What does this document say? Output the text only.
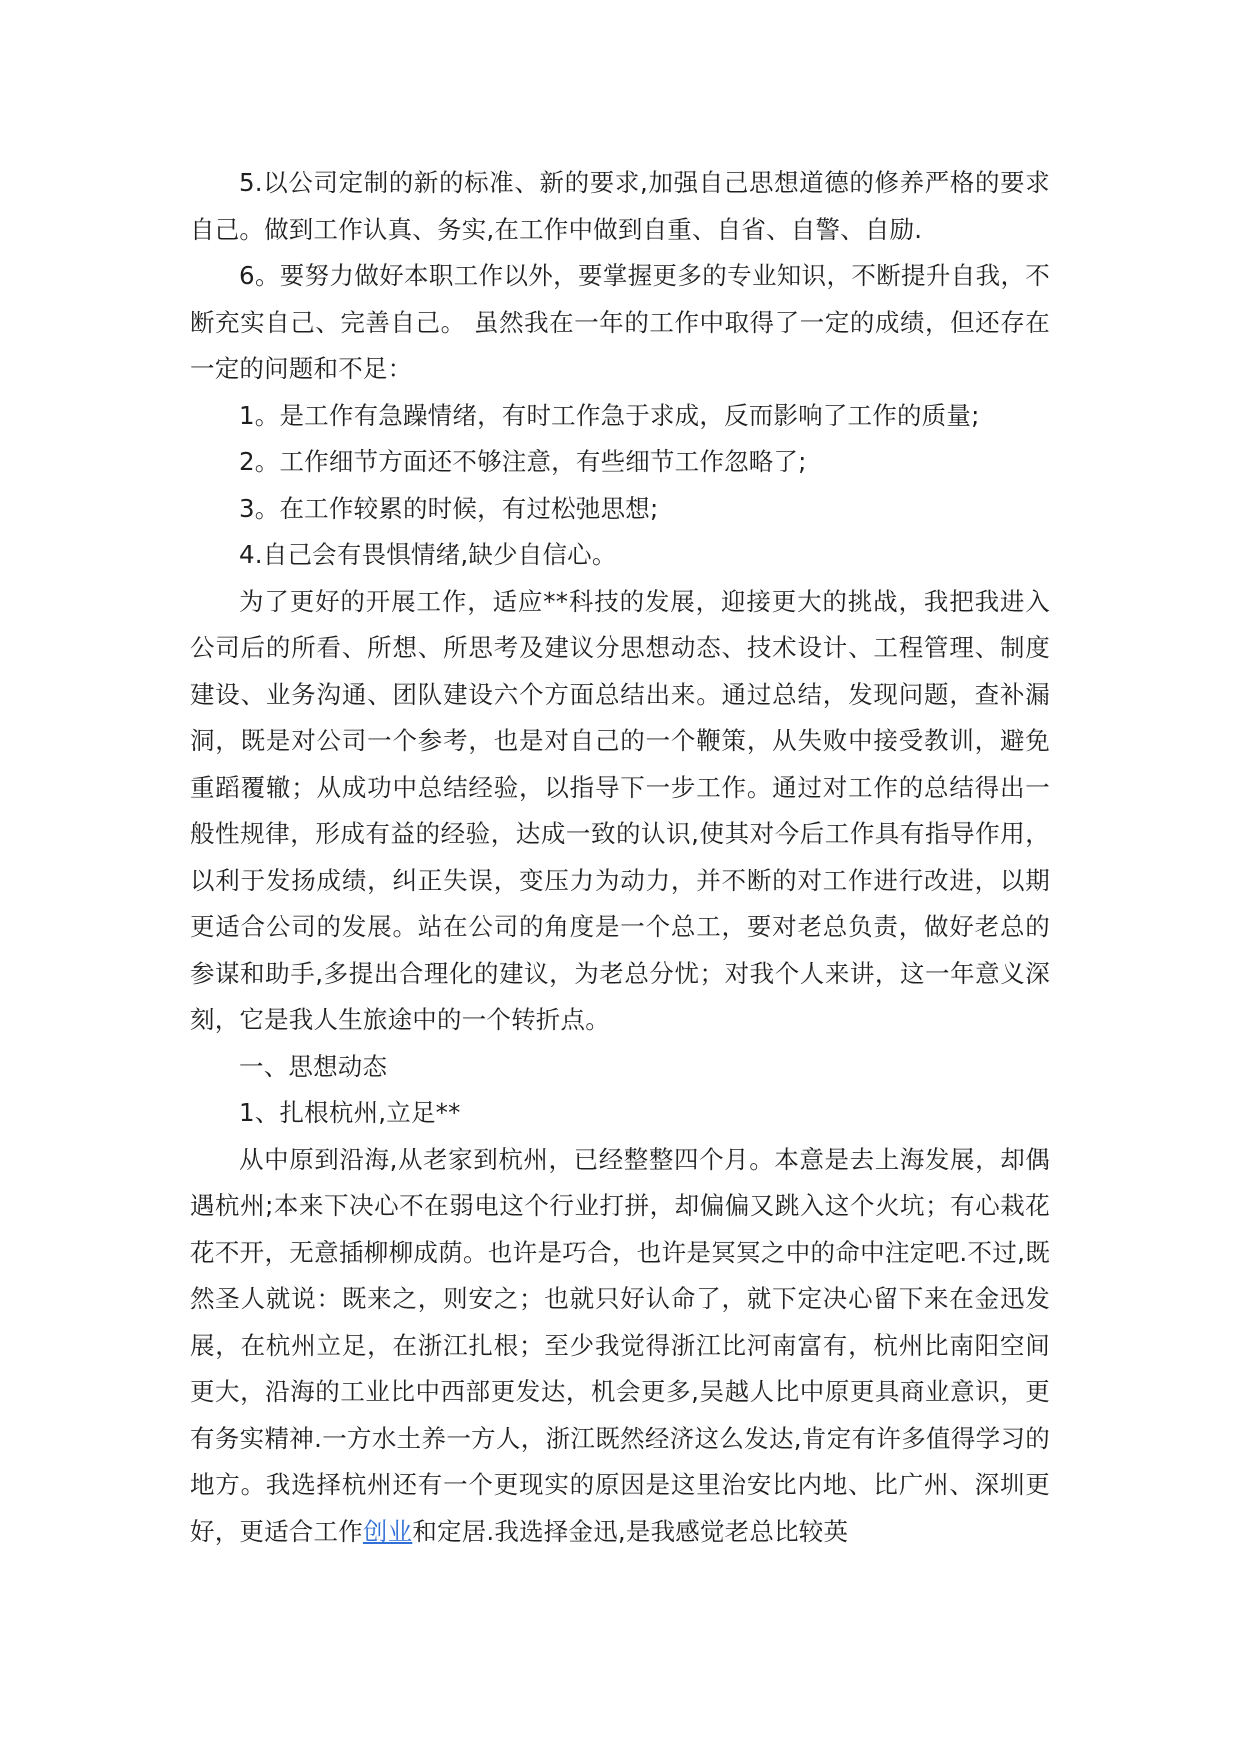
5.以公司定制的新的标准、新的要求,加强自己思想道德的修养严格的要求自己。做到工作认真、务实,在工作中做到自重、自省、自警、自励.

6。要努力做好本职工作以外，要掌握更多的专业知识，不断提升自我，不断充实自己、完善自己。 虽然我在一年的工作中取得了一定的成绩，但还存在一定的问题和不足：

1。是工作有急躁情绪，有时工作急于求成，反而影响了工作的质量;

2。工作细节方面还不够注意，有些细节工作忽略了;

3。在工作较累的时候，有过松弛思想;

4.自己会有畏惧情绪,缺少自信心。

为了更好的开展工作，适应**科技的发展，迎接更大的挑战，我把我进入公司后的所看、所想、所思考及建议分思想动态、技术设计、工程管理、制度建设、业务沟通、团队建设六个方面总结出来。通过总结，发现问题，查补漏洞，既是对公司一个参考，也是对自己的一个鞭策，从失败中接受教训，避免重蹈覆辙；从成功中总结经验，以指导下一步工作。通过对工作的总结得出一般性规律，形成有益的经验，达成一致的认识,使其对今后工作具有指导作用，以利于发扬成绩，纠正失误，变压力为动力，并不断的对工作进行改进，以期更适合公司的发展。站在公司的角度是一个总工，要对老总负责，做好老总的参谋和助手,多提出合理化的建议，为老总分忧；对我个人来讲，这一年意义深刻，它是我人生旅途中的一个转折点。

一、思想动态

1、扎根杭州,立足**

从中原到沿海,从老家到杭州，已经整整四个月。本意是去上海发展，却偶遇杭州;本来下决心不在弱电这个行业打拼，却偏偏又跳入这个火坑；有心栽花花不开，无意插柳柳成荫。也许是巧合，也许是冥冥之中的命中注定吧.不过,既然圣人就说：既来之，则安之；也就只好认命了，就下定决心留下来在金迅发展，在杭州立足，在浙江扎根；至少我觉得浙江比河南富有，杭州比南阳空间更大，沿海的工业比中西部更发达，机会更多,吴越人比中原更具商业意识，更有务实精神.一方水土养一方人，浙江既然经济这么发达,肯定有许多值得学习的地方。我选择杭州还有一个更现实的原因是这里治安比内地、比广州、深圳更好，更适合工作创业和定居.我选择金迅,是我感觉老总比较英
